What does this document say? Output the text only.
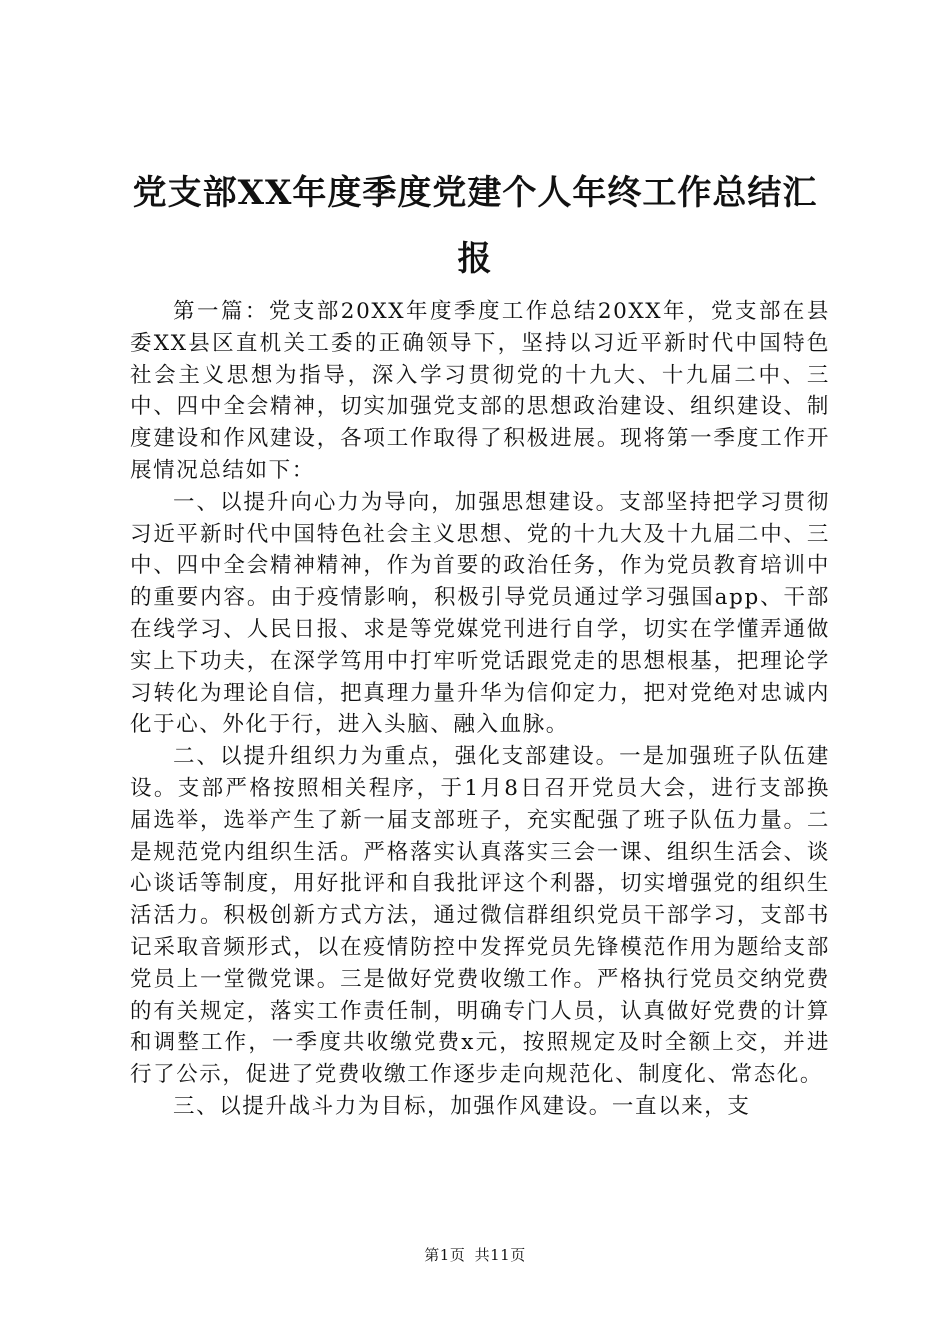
党支部XX年度季度党建个人年终工作总结汇报

第一篇：党支部20XX年度季度工作总结20XX年，党支部在县委XX县区直机关工委的正确领导下，坚持以习近平新时代中国特色社会主义思想为指导，深入学习贯彻党的十九大、十九届二中、三中、四中全会精神，切实加强党支部的思想政治建设、组织建设、制度建设和作风建设，各项工作取得了积极进展。现将第一季度工作开展情况总结如下：

一、以提升向心力为导向，加强思想建设。支部坚持把学习贯彻习近平新时代中国特色社会主义思想、党的十九大及十九届二中、三中、四中全会精神精神，作为首要的政治任务，作为党员教育培训中的重要内容。由于疫情影响，积极引导党员通过学习强国app、干部在线学习、人民日报、求是等党媒党刊进行自学，切实在学懂弄通做实上下功夫，在深学笃用中打牢听党话跟党走的思想根基，把理论学习转化为理论自信，把真理力量升华为信仰定力，把对党绝对忠诚内化于心、外化于行，进入头脑、融入血脉。

二、以提升组织力为重点，强化支部建设。一是加强班子队伍建设。支部严格按照相关程序，于1月8日召开党员大会，进行支部换届选举，选举产生了新一届支部班子，充实配强了班子队伍力量。二是规范党内组织生活。严格落实认真落实三会一课、组织生活会、谈心谈话等制度，用好批评和自我批评这个利器，切实增强党的组织生活活力。积极创新方式方法，通过微信群组织党员干部学习，支部书记采取音频形式，以在疫情防控中发挥党员先锋模范作用为题给支部党员上一堂微党课。三是做好党费收缴工作。严格执行党员交纳党费的有关规定，落实工作责任制，明确专门人员，认真做好党费的计算和调整工作，一季度共收缴党费x元，按照规定及时全额上交，并进行了公示，促进了党费收缴工作逐步走向规范化、制度化、常态化。

三、以提升战斗力为目标，加强作风建设。一直以来，支

第1页 共11页
